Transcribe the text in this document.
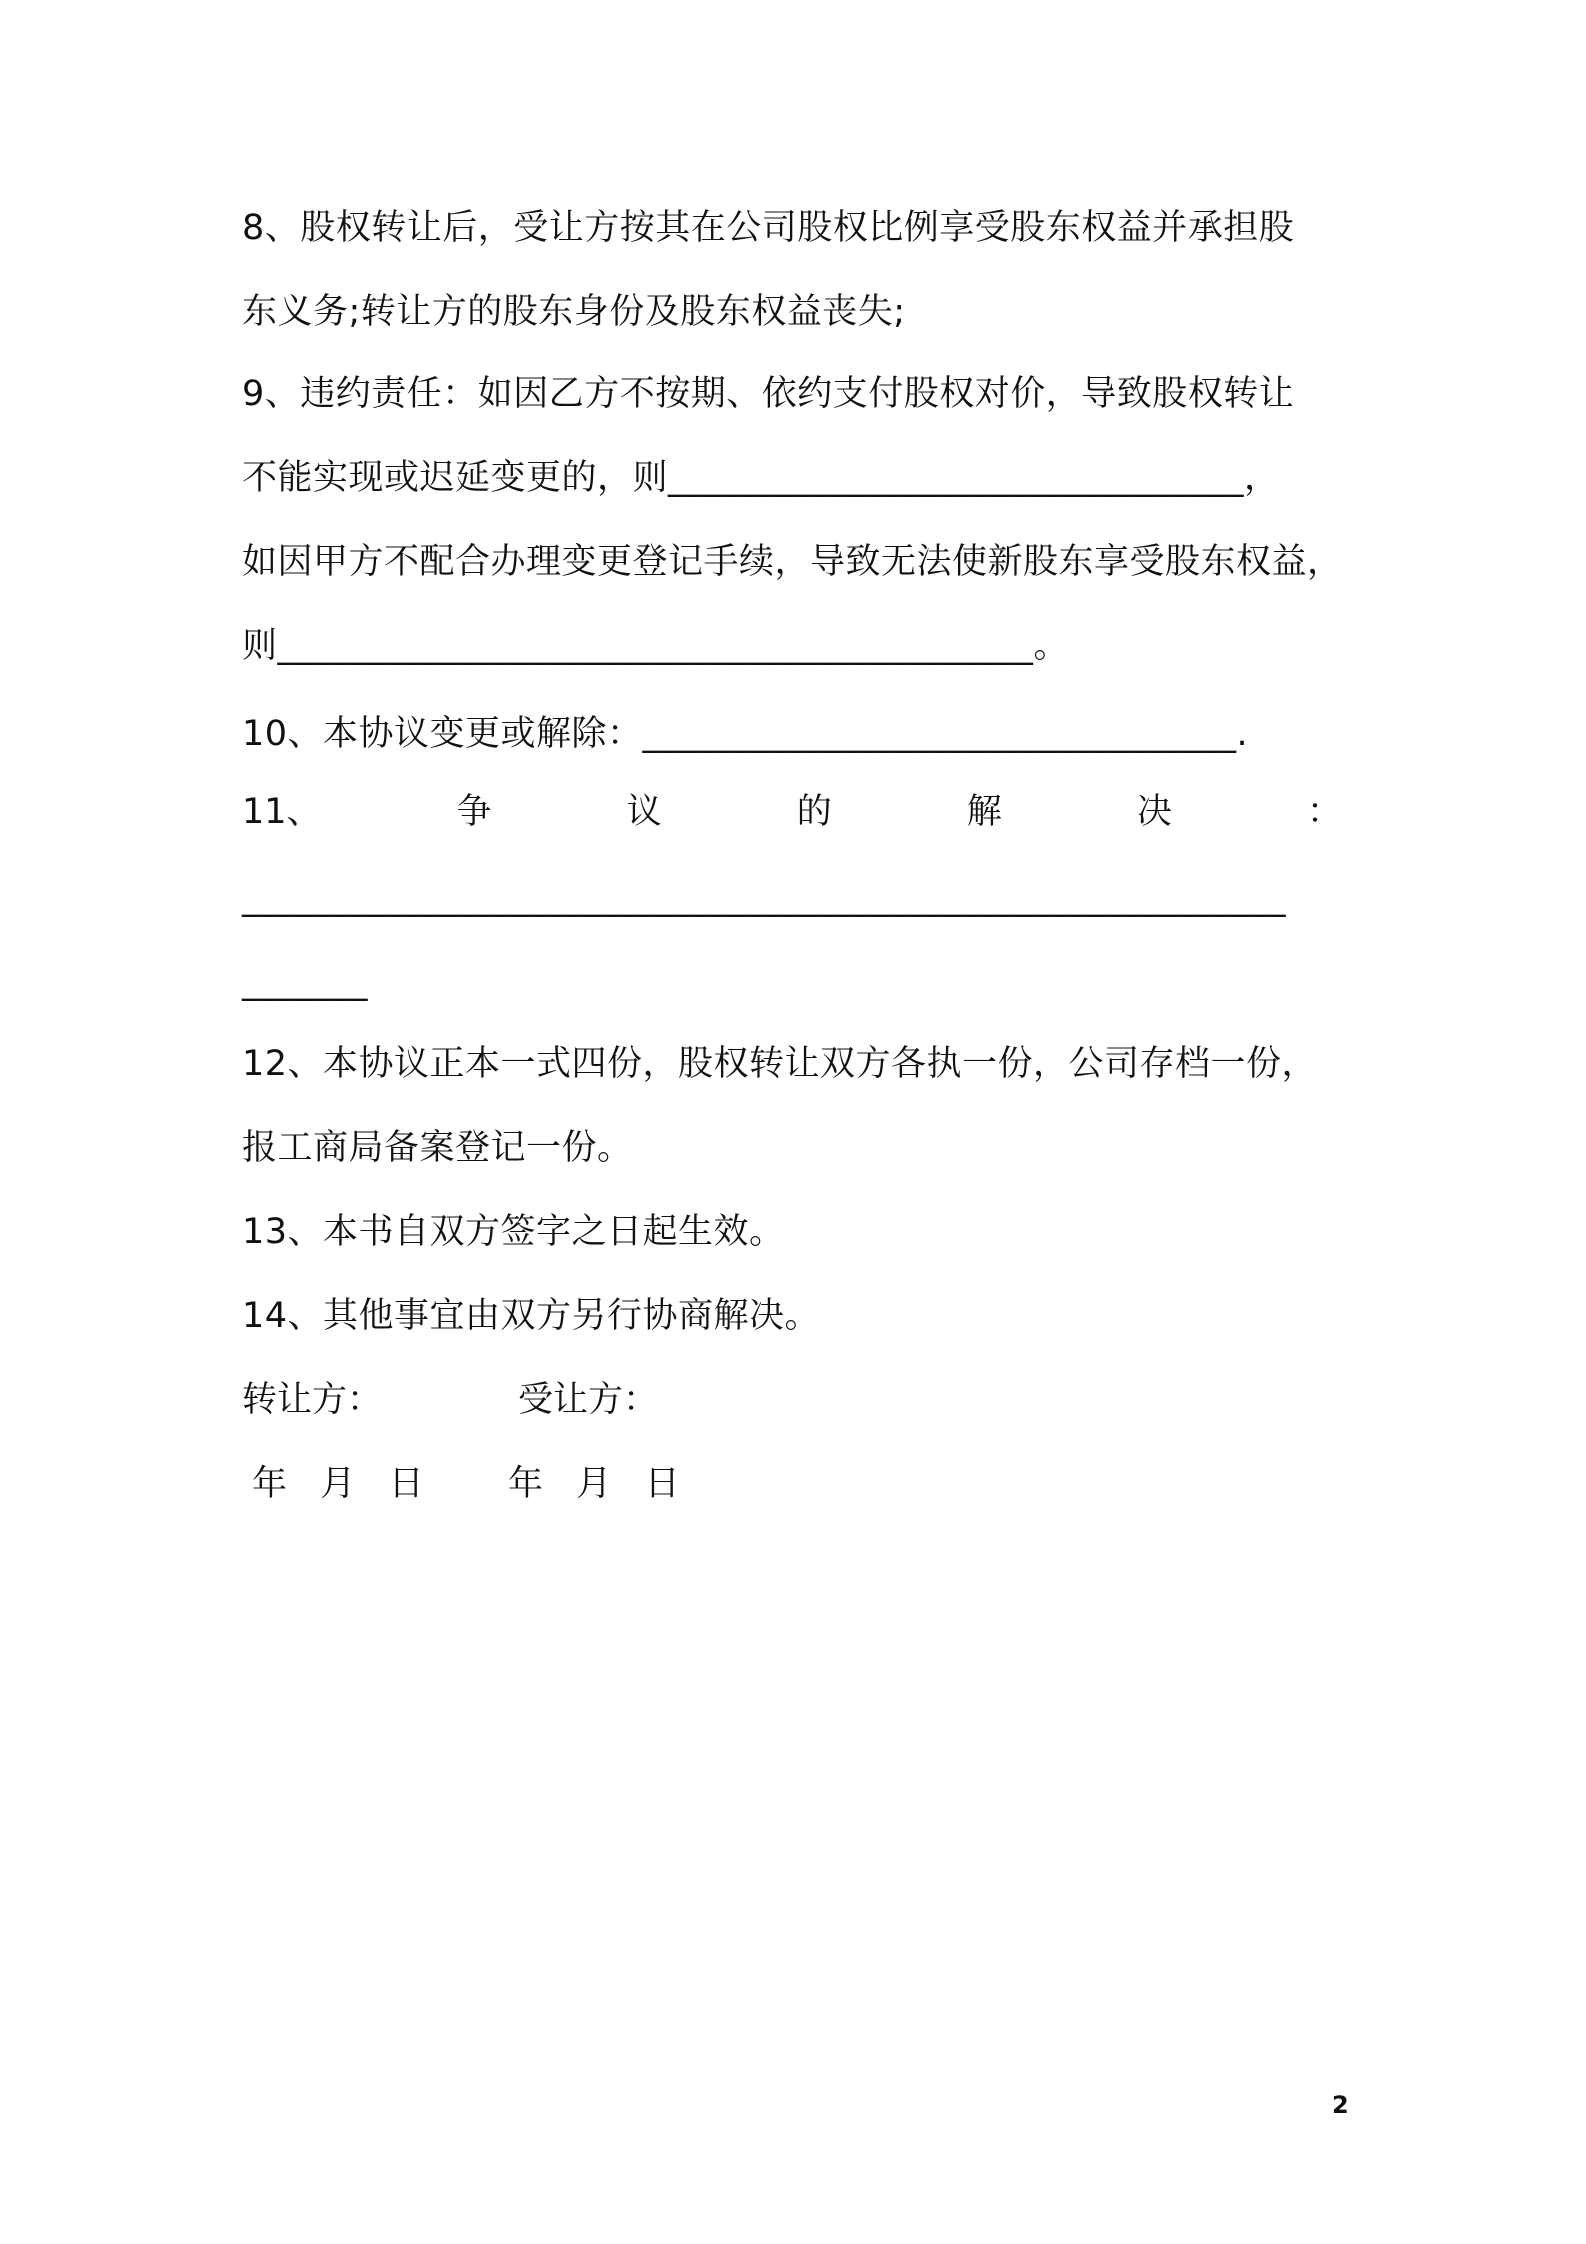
8、股权转让后，受让方按其在公司股权比例享受股东权益并承担股
东义务;转让方的股东身份及股东权益丧失;
9、违约责任：如因乙方不按期、依约支付股权对价，导致股权转让
不能实现或迟延变更的，则________________________________，
如因甲方不配合办理变更登记手续，导致无法使新股东享受股东权益，
则__________________________________________。
10、本协议变更或解除：_________________________________.
11、	争	议	的	解	决	：
__________________________________________________________
_______
12、本协议正本一式四份，股权转让双方各执一份，公司存档一份，
报工商局备案登记一份。
13、本书自双方签字之日起生效。
14、其他事宜由双方另行协商解决。
转让方：	受让方：
年   月   日 年   月   日
2
